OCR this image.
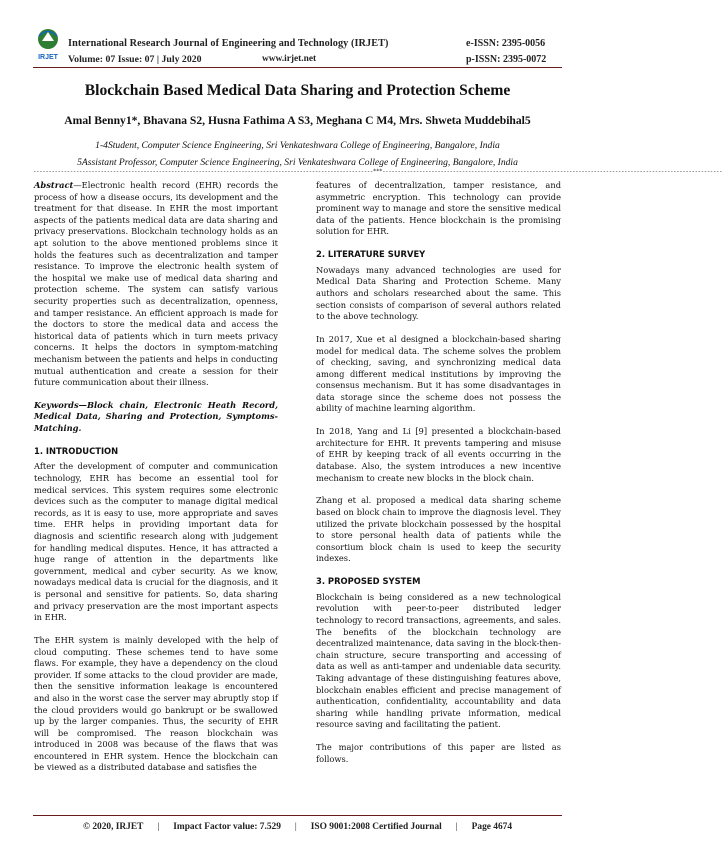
IRJET
International Research Journal of Engineering and Technology (IRJET)
Volume: 07 Issue: 07 | July 2020	www.irjet.net
e-ISSN: 2395-0056
p-ISSN: 2395-0072
Blockchain Based Medical Data Sharing and Protection Scheme
Amal Benny1*, Bhavana S2, Husna Fathima A S3, Meghana C M4, Mrs. Shweta Muddebihal5
1-4Student, Computer Science Engineering, Sri Venkateshwara College of Engineering, Bangalore, India
5Assistant Professor, Computer Science Engineering, Sri Venkateshwara College of Engineering, Bangalore, India
---------------------------------------------------------------------------------------------------------------***---------------------------------------------------------------------------------------------------------------

Abstract—Electronic health record (EHR) records the process of how a disease occurs, its development and the treatment for that disease. In EHR the most important aspects of the patients medical data are data sharing and privacy preservations. Blockchain technology holds as an apt solution to the above mentioned problems since it holds the features such as decentralization and tamper resistance. To improve the electronic health system of the hospital we make use of medical data sharing and protection scheme. The system can satisfy various security properties such as decentralization, openness, and tamper resistance. An efficient approach is made for the doctors to store the medical data and access the historical data of patients which in turn meets privacy concerns. It helps the doctors in symptom-matching mechanism between the patients and helps in conducting mutual authentication and create a session for their future communication about their illness.

Keywords—Block chain, Electronic Heath Record, Medical Data, Sharing and Protection, Symptoms-Matching.

1. INTRODUCTION

After the development of computer and communication technology, EHR has become an essential tool for medical services. This system requires some electronic devices such as the computer to manage digital medical records, as it is easy to use, more appropriate and saves time. EHR helps in providing important data for diagnosis and scientific research along with judgement for handling medical disputes. Hence, it has attracted a huge range of attention in the departments like government, medical and cyber security. As we know, nowadays medical data is crucial for the diagnosis, and it is personal and sensitive for patients. So, data sharing and privacy preservation are the most important aspects in EHR.

The EHR system is mainly developed with the help of cloud computing. These schemes tend to have some flaws. For example, they have a dependency on the cloud provider. If some attacks to the cloud provider are made, then the sensitive information leakage is encountered and also in the worst case the server may abruptly stop if the cloud providers would go bankrupt or be swallowed up by the larger companies. Thus, the security of EHR will be compromised. The reason blockchain was introduced in 2008 was because of the flaws that was encountered in EHR system. Hence the blockchain can be viewed as a distributed database and satisfies the

features of decentralization, tamper resistance, and asymmetric encryption. This technology can provide prominent way to manage and store the sensitive medical data of the patients. Hence blockchain is the promising solution for EHR.

2. LITERATURE SURVEY

Nowadays many advanced technologies are used for Medical Data Sharing and Protection Scheme. Many authors and scholars researched about the same. This section consists of comparison of several authors related to the above technology.

In 2017, Xue et al designed a blockchain-based sharing model for medical data. The scheme solves the problem of checking, saving, and synchronizing medical data among different medical institutions by improving the consensus mechanism. But it has some disadvantages in data storage since the scheme does not possess the ability of machine learning algorithm.

In 2018, Yang and Li [9] presented a blockchain-based architecture for EHR. It prevents tampering and misuse of EHR by keeping track of all events occurring in the database. Also, the system introduces a new incentive mechanism to create new blocks in the block chain.

Zhang et al. proposed a medical data sharing scheme based on block chain to improve the diagnosis level. They utilized the private blockchain possessed by the hospital to store personal health data of patients while the consortium block chain is used to keep the security indexes.

3. PROPOSED SYSTEM

Blockchain is being considered as a new technological revolution with peer-to-peer distributed ledger technology to record transactions, agreements, and sales. The benefits of the blockchain technology are decentralized maintenance, data saving in the block-then-chain structure, secure transporting and accessing of data as well as anti-tamper and undeniable data security. Taking advantage of these distinguishing features above, blockchain enables efficient and precise management of authentication, confidentiality, accountability and data sharing while handling private information, medical resource saving and facilitating the patient.

The major contributions of this paper are listed as follows.

© 2020, IRJET | Impact Factor value: 7.529 | ISO 9001:2008 Certified Journal | Page 4674
